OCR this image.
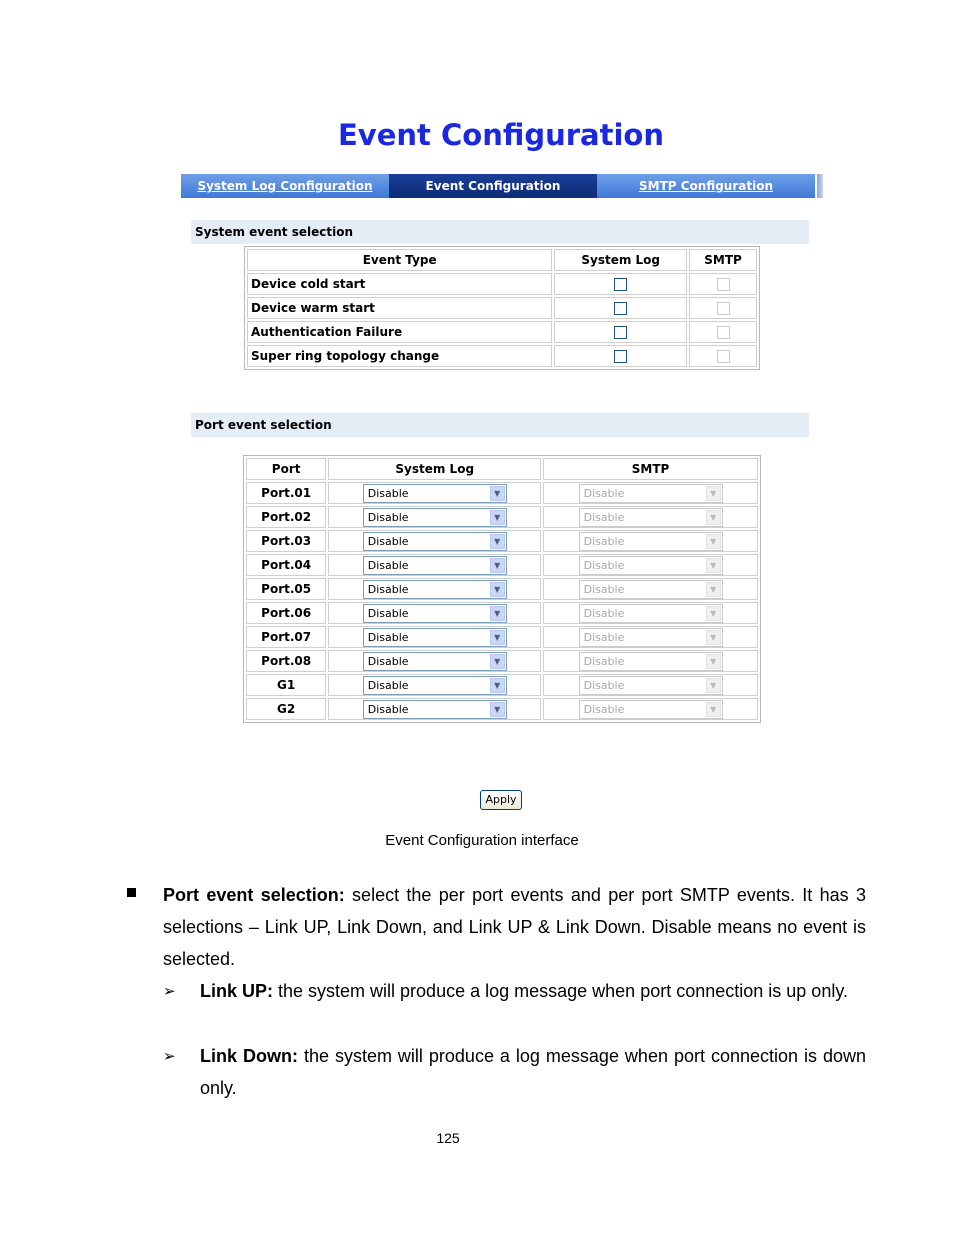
Event Configuration
System Log Configuration	Event Configuration	SMTP Configuration
System event selection
Event Type	System Log	SMTP
Device cold start		
Device warm start		
Authentication Failure		
Super ring topology change		
Port event selection
Port	System Log	SMTP
Port.01	Disable ▼	Disable ▼

Port.02	Disable ▼	Disable ▼

Port.03	Disable ▼	Disable ▼

Port.04	Disable ▼	Disable ▼

Port.05	Disable ▼	Disable ▼

Port.06	Disable ▼	Disable ▼

Port.07	Disable ▼	Disable ▼

Port.08	Disable ▼	Disable ▼

G1	Disable ▼	Disable ▼

G2	Disable ▼	Disable ▼
Apply
Event Configuration interface
Port event selection: select the per port events and per port SMTP events. It has 3 selections – Link UP, Link Down, and Link UP & Link Down. Disable means no event is selected.
➢ Link UP: the system will produce a log message when port connection is up only.
➢ Link Down: the system will produce a log message when port connection is down only.
125
